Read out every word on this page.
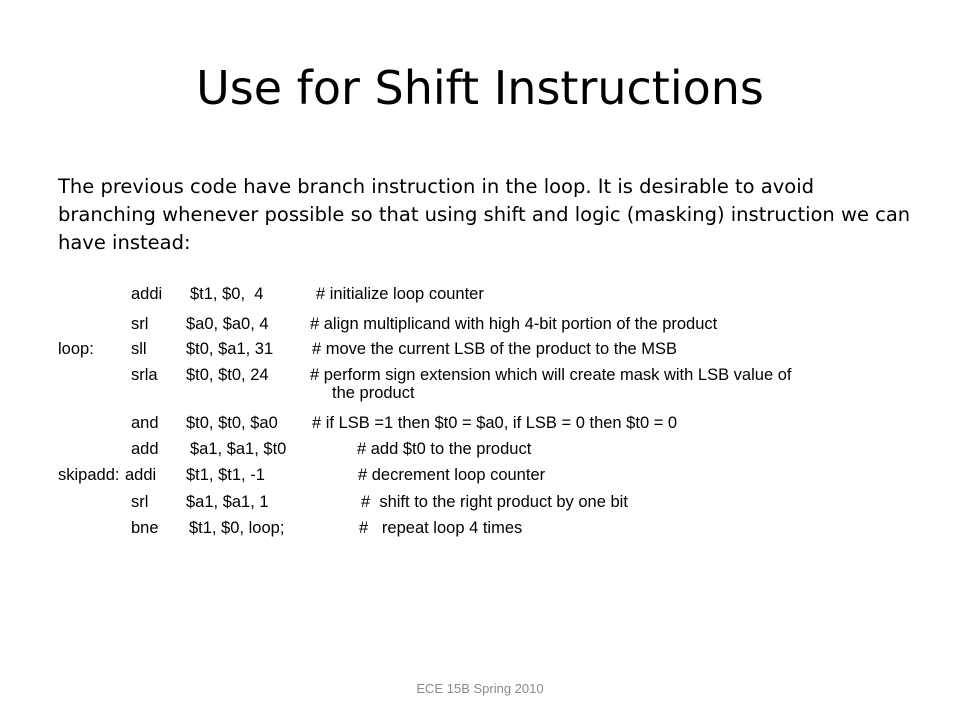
Use for Shift Instructions
The previous code have branch instruction in the loop. It is desirable to avoid branching whenever possible so that using shift and logic (masking) instruction we can have instead:
addi $t1, $0,  4	# initialize loop counter
srl $a0, $a0, 4	# align multiplicand with high 4-bit portion of the product
loop: sll $t0, $a1, 31 # move the current LSB of the product to the MSB
srla $t0, $t0, 24	# perform sign extension which will create mask with LSB value of
the product
and $t0, $t0, $a0 # if LSB =1 then $t0 = $a0, if LSB = 0 then $t0 = 0
add $a1, $a1, $t0	# add $t0 to the product
skipadd: addi $t1, $t1, -1	# decrement loop counter
srl $a1, $a1, 1	#  shift to the right product by one bit
bne $t1, $0, loop;	#   repeat loop 4 times
ECE 15B Spring 2010
